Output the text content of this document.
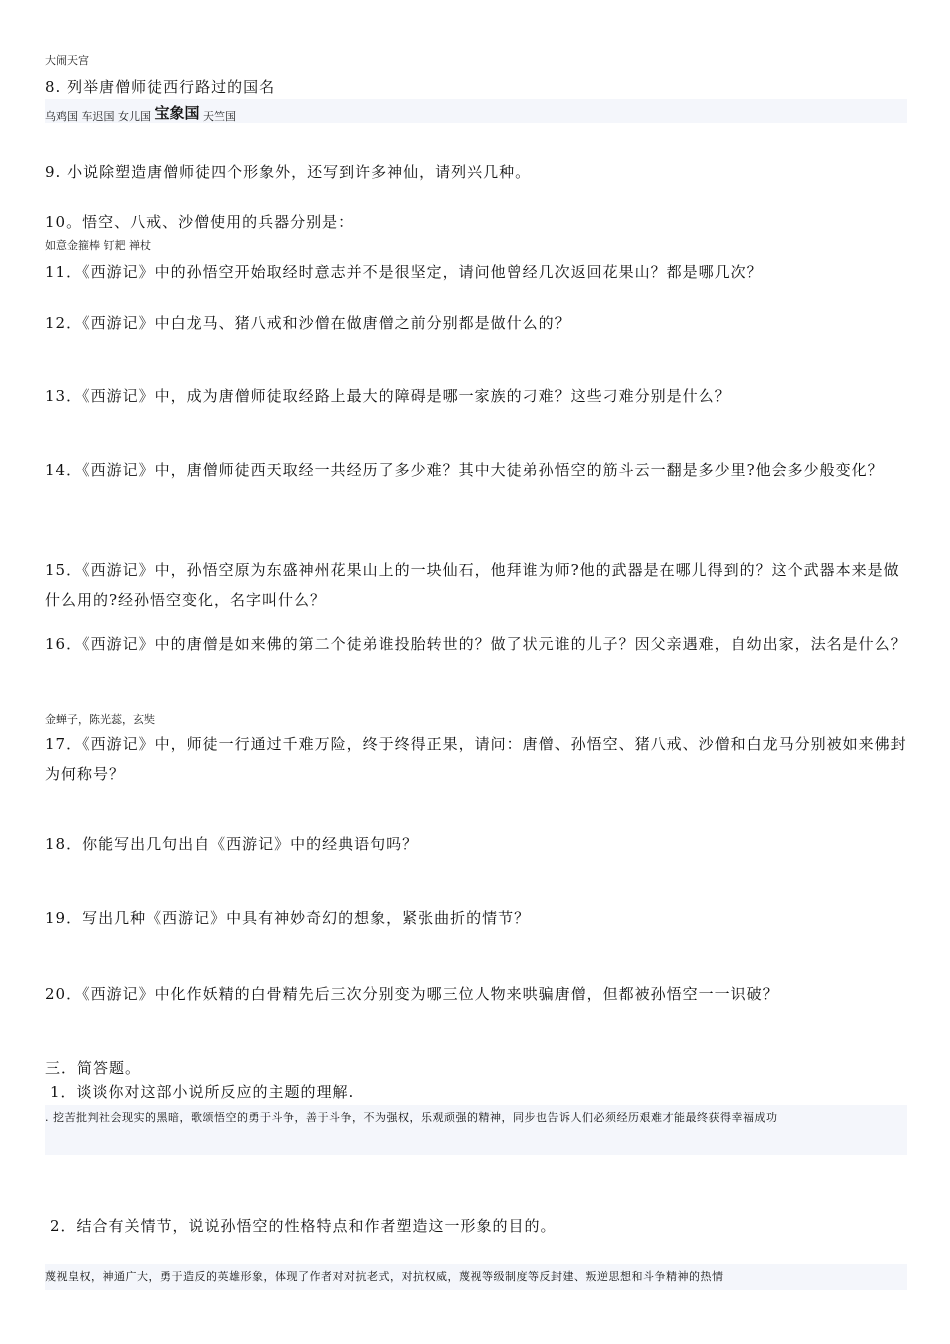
大闹天宫
8. 列举唐僧师徒西行路过的国名
$_{乌鸡国 车迟国 女儿国}$ 宝象国 $_{天竺国}$
9. 小说除塑造唐僧师徒四个形象外，还写到许多神仙，请列兴几种。
10。悟空、八戒、沙僧使用的兵器分别是：
如意金箍棒 钉耙 禅杖
11．《西游记》中的孙悟空开始取经时意志并不是很坚定，请问他曾经几次返回花果山？都是哪几次？
12．《西游记》中白龙马、猪八戒和沙僧在做唐僧之前分别都是做什么的？
13．《西游记》中，成为唐僧师徒取经路上最大的障碍是哪一家族的刁难？这些刁难分别是什么？
14．《西游记》中，唐僧师徒西天取经一共经历了多少难？其中大徒弟孙悟空的筋斗云一翻是多少里?他会多少般变化？
15．《西游记》中，孙悟空原为东盛神州花果山上的一块仙石，他拜谁为师?他的武器是在哪儿得到的？这个武器本来是做什么用的?经孙悟空变化，名字叫什么？
16．《西游记》中的唐僧是如来佛的第二个徒弟谁投胎转世的？做了状元谁的儿子？因父亲遇难，自幼出家，法名是什么？
金蝉子，陈光蕊，玄奘
17．《西游记》中，师徒一行通过千难万险，终于终得正果，请问：唐僧、孙悟空、猪八戒、沙僧和白龙马分别被如来佛封为何称号？
18．你能写出几句出自《西游记》中的经典语句吗？
19．写出几种《西游记》中具有神妙奇幻的想象，紧张曲折的情节？
20．《西游记》中化作妖精的白骨精先后三次分别变为哪三位人物来哄骗唐僧，但都被孙悟空一一识破？
三．简答题。
1．谈谈你对这部小说所反应的主题的理解.
. 挖苦批判社会现实的黑暗，歌颂悟空的勇于斗争，善于斗争，不为强权，乐观顽强的精神，同步也告诉人们必须经历艰难才能最终获得幸福成功
2．结合有关情节，说说孙悟空的性格特点和作者塑造这一形象的目的。
蔑视皇权，神通广大，勇于造反的英雄形象，体现了作者对对抗老式，对抗权威，蔑视等级制度等反封建、叛逆思想和斗争精神的热情
